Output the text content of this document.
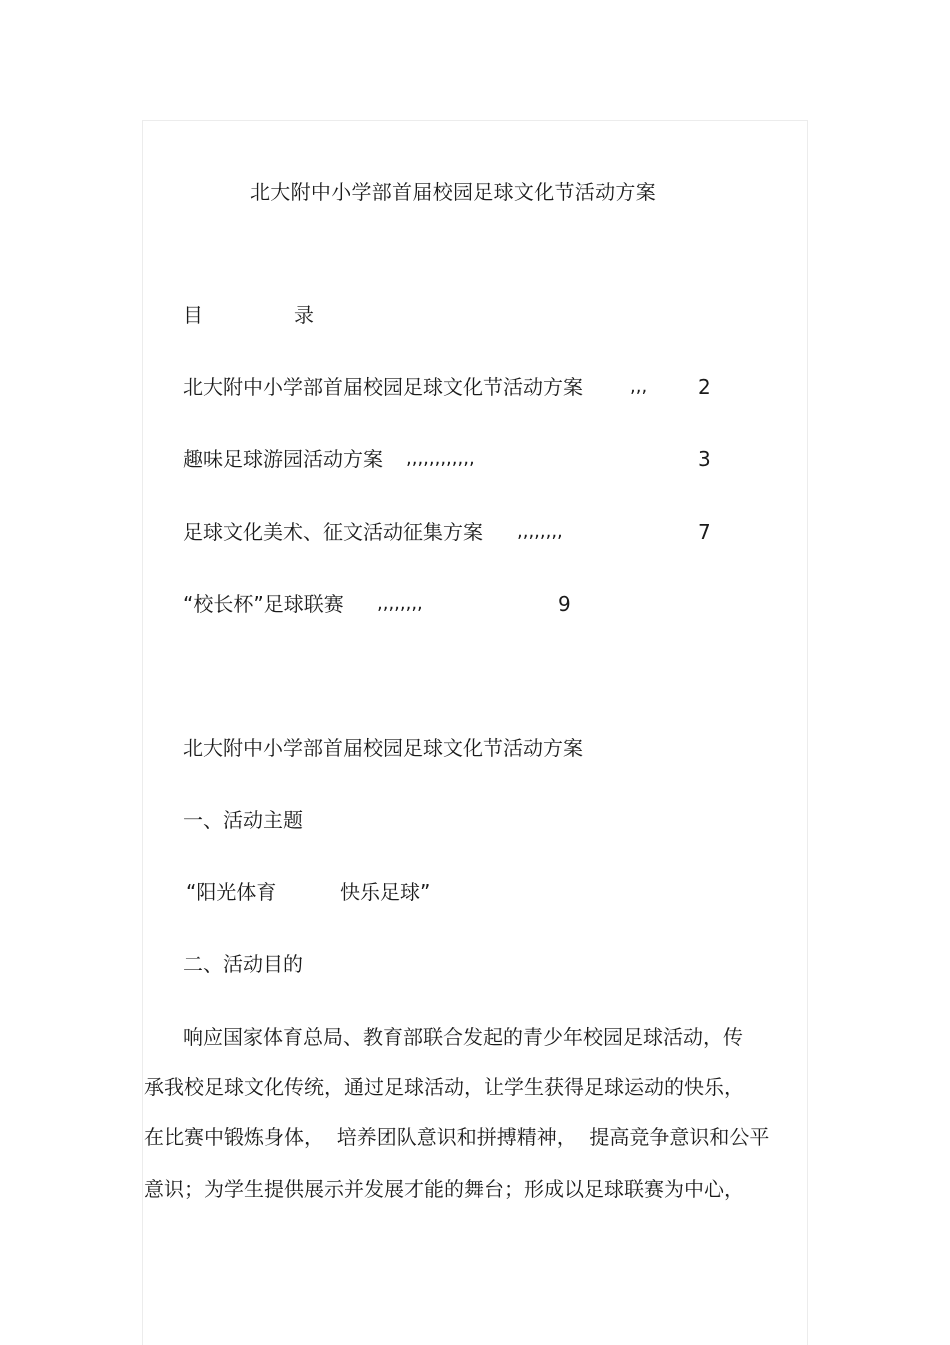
北大附中小学部首届校园足球文化节活动方案
目	录
北大附中小学部首届校园足球文化节活动方案	,,,	2
趣味足球游园活动方案 ,,,,,,,,,,,,	3
足球文化美术、征文活动征集方案 ,,,,,,,,	7
“校长杯”足球联赛 ,,,,,,,,	9
北大附中小学部首届校园足球文化节活动方案
一、活动主题
“阳光体育	快乐足球”
二、活动目的
响应国家体育总局、教育部联合发起的青少年校园足球活动，传
承我校足球文化传统，通过足球活动，让学生获得足球运动的快乐，
在比赛中锻炼身体，  培养团队意识和拼搏精神，  提高竞争意识和公平
意识；为学生提供展示并发展才能的舞台；形成以足球联赛为中心，
